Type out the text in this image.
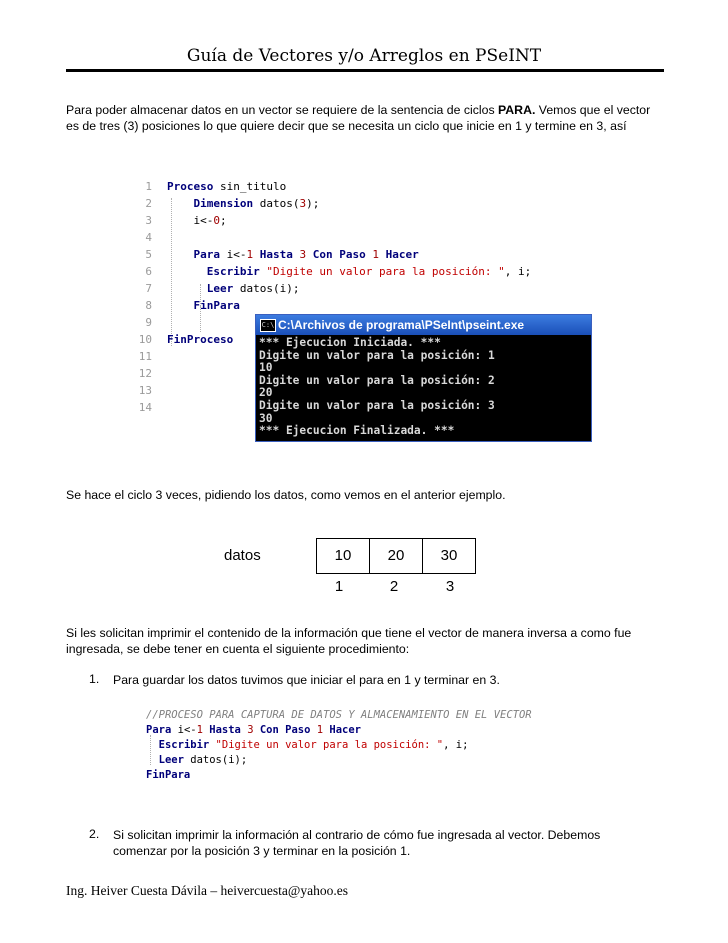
Guía de Vectores y/o Arreglos en PSeINT
Para poder almacenar datos en un vector se requiere de la sentencia de ciclos PARA. Vemos que el vector es de tres (3) posiciones lo que quiere decir que se necesita un ciclo que inicie en 1 y termine en 3, así
1 Proceso sin_titulo
2	Dimension datos(3);
3	i<-0;
4
5	Para i<-1 Hasta 3 Con Paso 1 Hacer
6	Escribir "Digite un valor para la posición: ", i;
7	Leer datos(i);
8	FinPara
9
10 FinProceso
11
12
13
14
C:\ C:\Archivos de programa\PSeInt\pseint.exe
*** Ejecucion Iniciada. ***
Digite un valor para la posición: 1
10
Digite un valor para la posición: 2
20
Digite un valor para la posición: 3
30
*** Ejecucion Finalizada. ***
Se hace el ciclo 3 veces, pidiendo los datos, como vemos en el anterior ejemplo.
datos	10	20	30
1	2	3
Si les solicitan imprimir el contenido de la información que tiene el vector de manera inversa a como fue ingresada, se debe tener en cuenta el siguiente procedimiento:
1. Para guardar los datos tuvimos que iniciar el para en 1 y terminar en 3.
//PROCESO PARA CAPTURA DE DATOS Y ALMACENAMIENTO EN EL VECTOR
Para i<-1 Hasta 3 Con Paso 1 Hacer
Escribir "Digite un valor para la posición: ", i;
Leer datos(i);
FinPara
2. Si solicitan imprimir la información al contrario de cómo fue ingresada al vector. Debemos comenzar por la posición 3 y terminar en la posición 1.
Ing. Heiver Cuesta Dávila – heivercuesta@yahoo.es
